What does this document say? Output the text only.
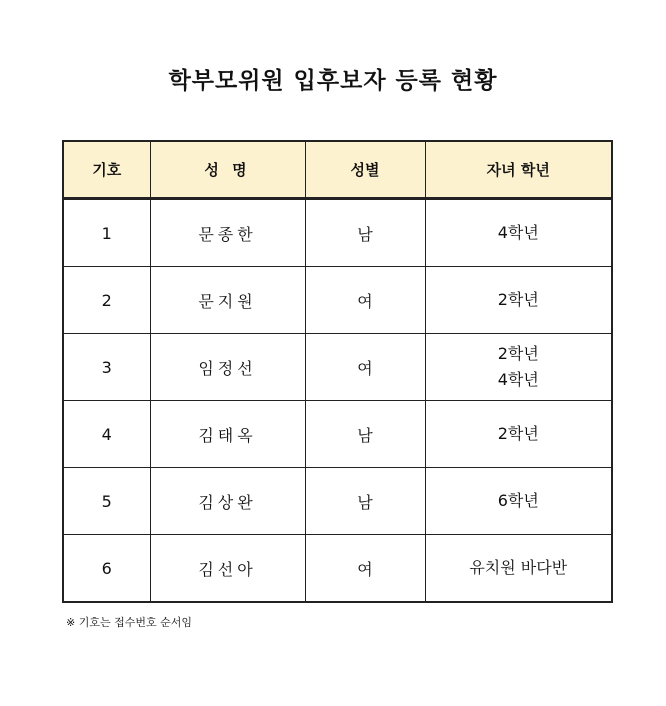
학부모위원 입후보자 등록 현황
기호	성 명	성별	자녀 학년
1	문종한	남	4학년

2	문지원	여	2학년

3	임정선	여	2학년
4학년

4	김태옥	남	2학년

5	김상완	남	6학년

6	김선아	여	유치원 바다반
※ 기호는 접수번호 순서임
